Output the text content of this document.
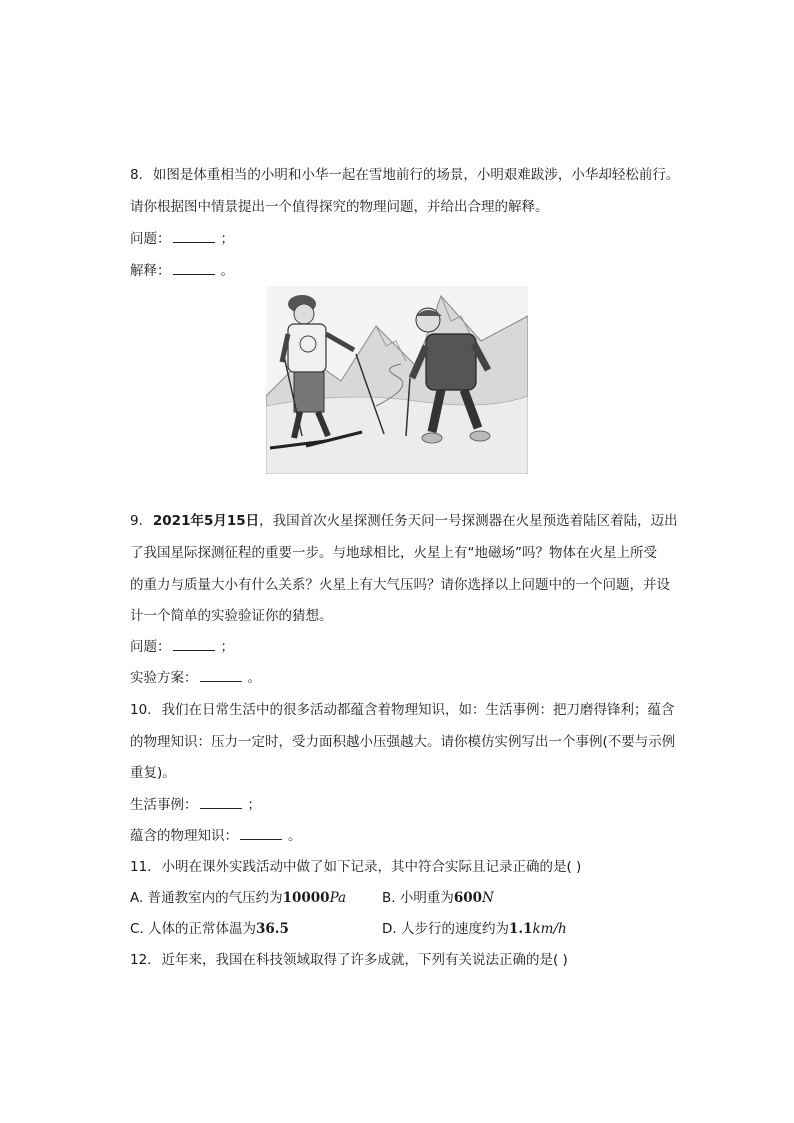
8. 如图是体重相当的小明和小华一起在雪地前行的场景，小明艰难跋涉，小华却轻松前行。
请你根据图中情景提出一个值得探究的物理问题，并给出合理的解释。
问题：	；
解释：	。
9. 2021年5月15日，我国首次火星探测任务天问一号探测器在火星预选着陆区着陆，迈出
了我国星际探测征程的重要一步。与地球相比，火星上有“地磁场”吗？物体在火星上所受
的重力与质量大小有什么关系？火星上有大气压吗？请你选择以上问题中的一个问题，并设
计一个简单的实验验证你的猜想。
问题：	；
实验方案：	。
10. 我们在日常生活中的很多活动都蕴含着物理知识，如：生活事例：把刀磨得锋利；蕴含
的物理知识：压力一定时，受力面积越小压强越大。请你模仿实例写出一个事例(不要与示例
重复)。
生活事例：	；
蕴含的物理知识：	。
11. 小明在课外实践活动中做了如下记录，其中符合实际且记录正确的是( )
A. 普通教室内的气压约为10000Pa	B. 小明重为600N
C. 人体的正常体温为36.5	D. 人步行的速度约为1.1km/h
12. 近年来，我国在科技领域取得了许多成就，下列有关说法正确的是( )
